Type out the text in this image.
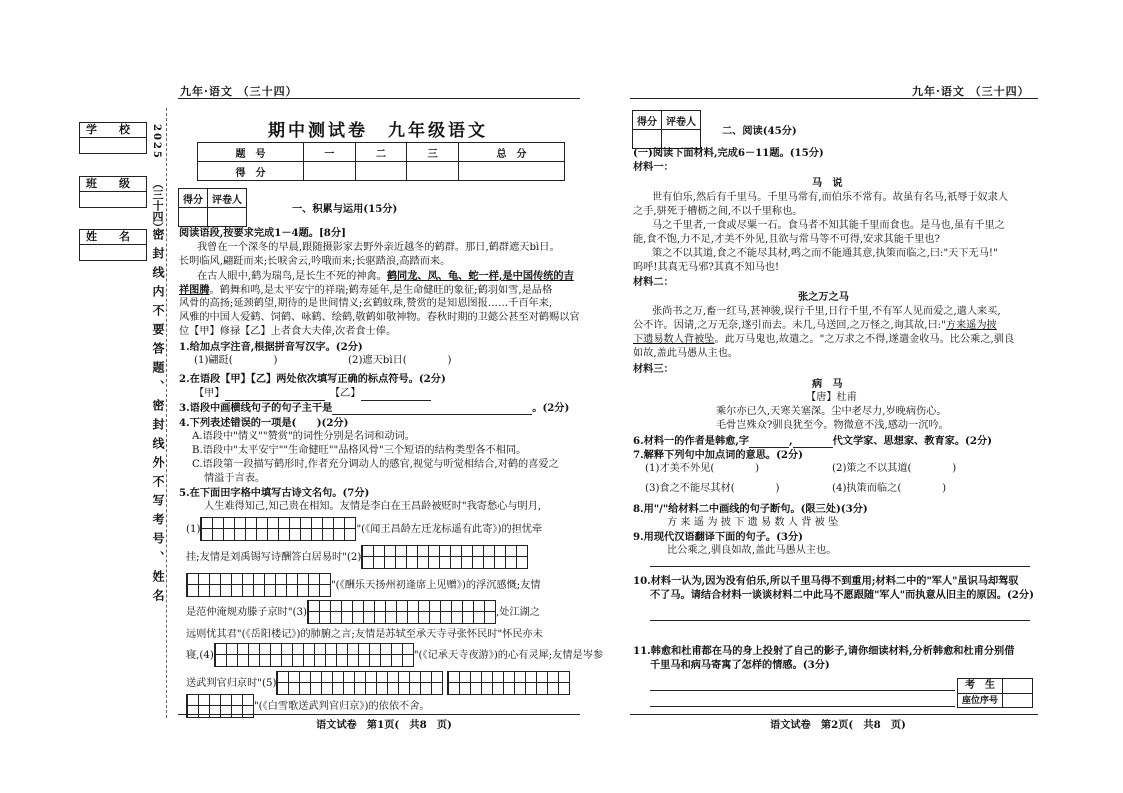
九年·语文 （三十四）	九年·语文 （三十四）
学　　校
班　　级
姓　　名
2025
（三十四）
密封线内不要答题、密封线外不写考号、姓名
期中测试卷　九年级语文
题　号	一	二	三	总　分
得　分				
得分	评卷人

一、积累与运用(15分)
阅读语段,按要求完成1－4题。[8分]
我曾在一个深冬的早晨,跟随摄影家去野外亲近越冬的鹤群。那日,鹤群遮天bì日。
长明临风,翩跹而来;长唳舍云,吟哦而来;长驱踏浪,高踏而来。
在古人眼中,鹤为瑞鸟,是长生不死的神禽。鹤同龙、凤、龟、蛇一样,是中国传统的吉
祥图腾。鹤舞和鸣,是太平安宁的祥瑞;鹤寿延年,是生命健旺的象征;鹤羽如雪,是品格
风骨的高扬;延颈鹤望,期待的是世间情义;玄鹤蚊珠,赞赏的是知恩图报……千百年来,
风雅的中国人爱鹤、饲鹤、咏鹤、绘鹤,敬鹤如敬神物。春秋时期的卫懿公甚至对鹤赐以官
位【甲】修禄【乙】上者食大夫俸,次者食士俸。
1.给加点字注音,根据拼音写汉字。(2分)
(1)翩跹(　　　　)	(2)遮天bì日(　　　　)
2.在语段【甲】【乙】两处依次填写正确的标点符号。(2分)
【甲】	【乙】
3.语段中画横线句子的句子主干是	。(2分)
4.下列表述错误的一项是(　　)(2分)
A.语段中"情义""赞赏"的词性分别是名词和动词。
B.语段中"太平安宁""生命健旺""品格风骨"三个短语的结构类型各不相同。
C.语段第一段描写鹤形时,作者充分调动人的感官,视觉与听觉相结合,对鹤的喜爱之
情溢于言表。
5.在下面田字格中填写古诗文名句。(7分)
人生难得知己,知己贵在相知。友情是李白在王昌龄被贬时"我寄愁心与明月,
(1)	"(《闻王昌龄左迁龙标遥有此寄》)的担忧牵
挂;友情是刘禹锡写诗酬答白居易时"(2)
"(《酬乐天扬州初逢席上见赠》)的浮沉感慨;友情
是范仲淹规劝滕子京时"(3)	,处江湖之
远则忧其君"(《岳阳楼记》)的肺腑之言;友情是苏轼至承天寺寻张怀民时"怀民亦未
寝,(4)	"(《记承天寺夜游》)的心有灵犀;友情是岑参
送武判官归京时"(5)
"(《白雪歌送武判官归京》)的依依不舍。
语文试卷　第1页(　共8　页)
得分	评卷人

二、阅读(45分)
(一)阅读下面材料,完成6－11题。(15分)
材料一：
马　说
世有伯乐,然后有千里马。千里马常有,而伯乐不常有。故虽有名马,祇辱于奴隶人
之手,骈死于槽枥之间,不以千里称也。
马之千里者,一食或尽粟一石。食马者不知其能千里而食也。是马也,虽有千里之
能,食不饱,力不足,才美不外见,且欲与常马等不可得,安求其能千里也?
策之不以其道,食之不能尽其材,鸣之而不能通其意,执策而临之,曰:"天下无马!"
呜呼!其真无马邪?其真不知马也!
材料二：
张之万之马
张尚书之万,畜一红马,甚神骏,误行千里,日行千里,不有军人见而爱之,遣人来买,
公不许。因请,之万无奈,遂引而去。未几,马送回,之万怪之,询其故,曰:"方来遥为披
下遗易数人背被坠。此万马鬼也,故遣之。"之万求之不得,遂遣金收马。比公乘之,驯良
如故,盖此马愚从主也。
材料三：
病　马
【唐】杜甫
乘尔亦已久,天寒关塞深。尘中老尽力,岁晚病伤心。
毛骨岂殊众?驯良犹至今。物微意不浅,感动一沉吟。
6.材料一的作者是韩愈,字	,	代文学家、思想家、教育家。(2分)
7.解释下列句中加点词的意思。(2分)
(1)才美不外见(　　　　)	(2)策之不以其道(　　　　)
(3)食之不能尽其材(　　　　)	(4)执策而临之(　　　　)
8.用"/"给材料二中画线的句子断句。(限三处)(3分)
方 来 遥 为 披 下 遗 易 数 人 背 被 坠
9.用现代汉语翻译下面的句子。(3分)
比公乘之,驯良如故,盖此马愚从主也。
10.材料一认为,因为没有伯乐,所以千里马得不到重用;材料二中的"军人"虽识马却驾驭
不了马。请结合材料一谈谈材料二中此马不愿跟随"军人"而执意从旧主的原因。(2分)
11.韩愈和杜甫都在马的身上投射了自己的影子,请你细读材料,分析韩愈和杜甫分别借
千里马和病马寄寓了怎样的情感。(3分)
考　生
座位序号
语文试卷　第2页(　共8　页)
